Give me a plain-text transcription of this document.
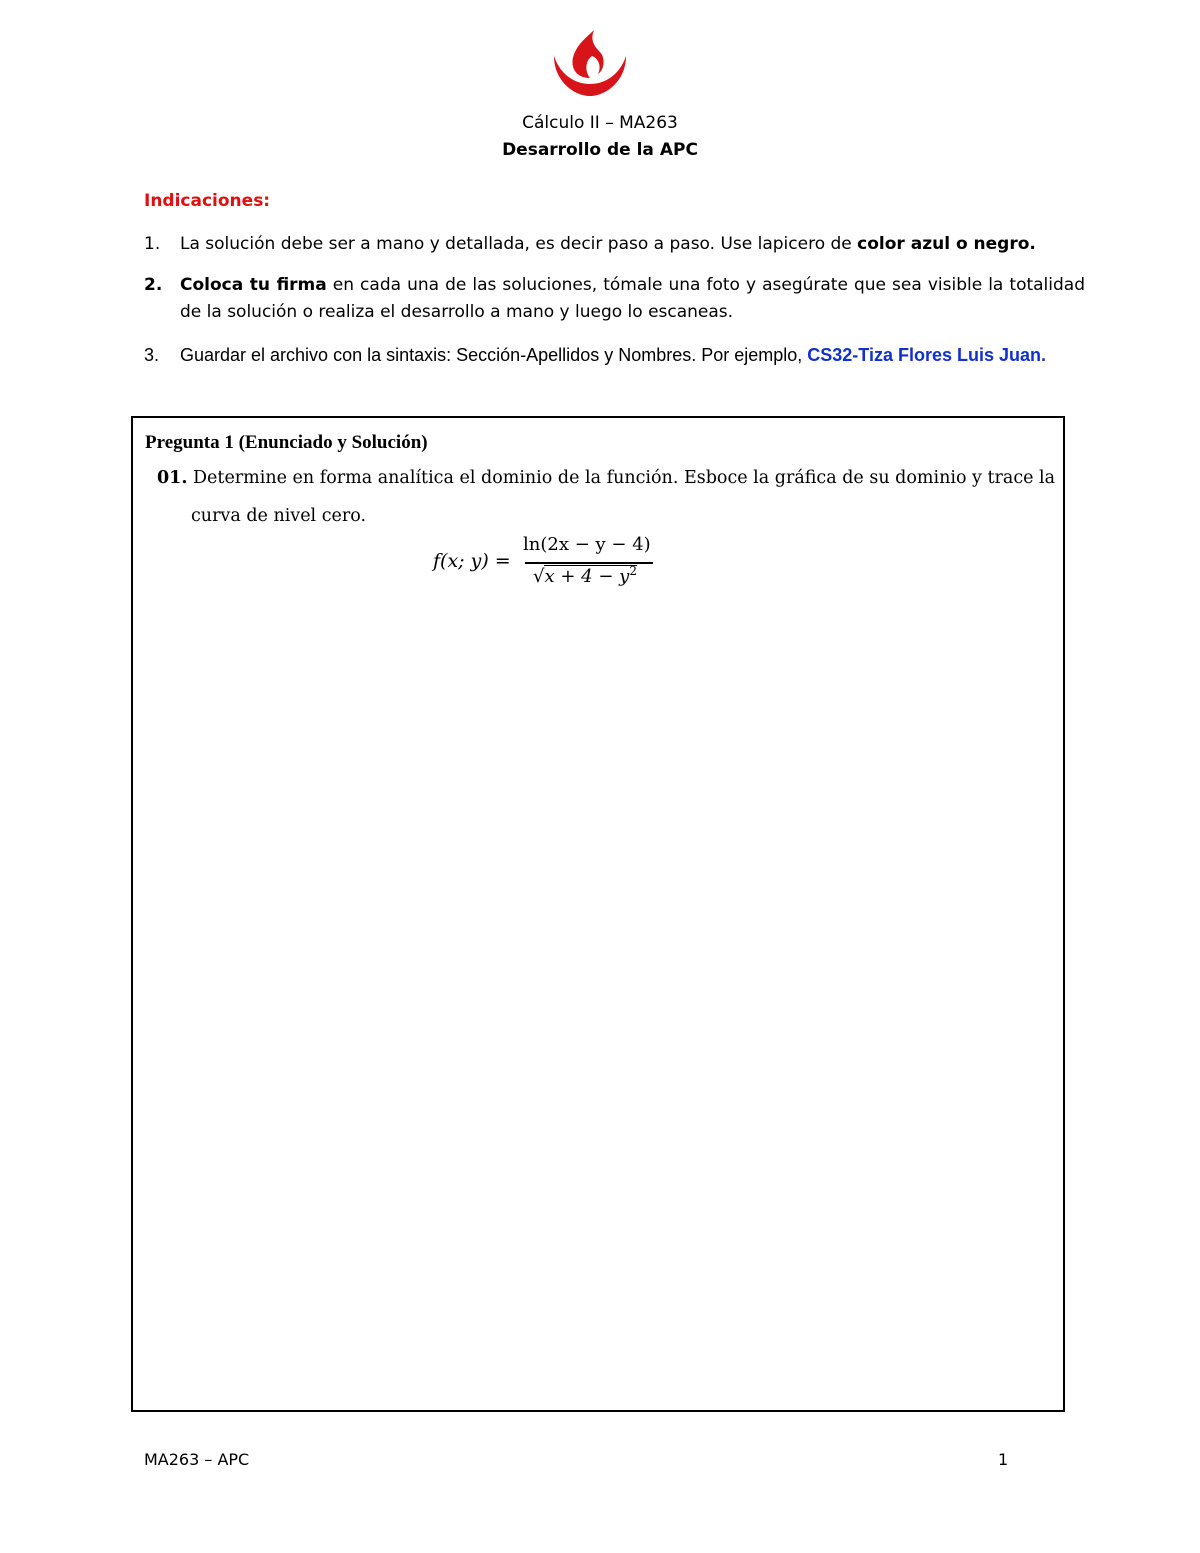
Cálculo II – MA263
Desarrollo de la APC
Indicaciones:
1.	La solución debe ser a mano y detallada, es decir paso a paso. Use lapicero de color azul o negro.
2.	Coloca tu firma en cada una de las soluciones, tómale una foto y asegúrate que sea visible la totalidad de la solución o realiza el desarrollo a mano y luego lo escaneas.
3.	Guardar el archivo con la sintaxis: Sección-Apellidos y Nombres. Por ejemplo, CS32-Tiza Flores Luis Juan.
Pregunta 1 (Enunciado y Solución)
01. Determine en forma analítica el dominio de la función. Esboce la gráfica de su dominio y trace la
curva de nivel cero.
f(x; y) =
ln(2x − y − 4)
$√x + 4 - y^2$
MA263 – APC	1
